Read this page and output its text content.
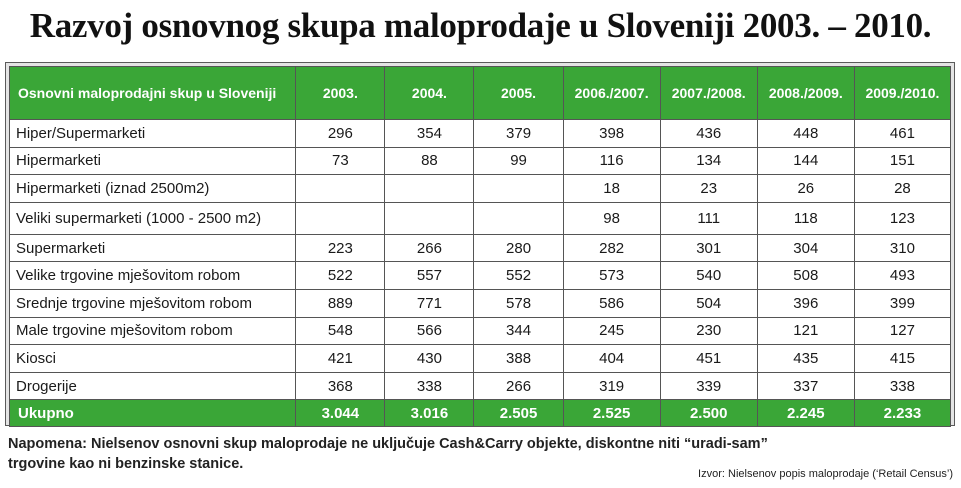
Razvoj osnovnog skupa maloprodaje u Sloveniji 2003. – 2010.
Osnovni maloprodajni skup u Sloveniji	2003.	2004.	2005.	2006./2007.	2007./2008.	2008./2009.	2009./2010.
Hiper/Supermarketi	296	354	379	398	436	448	461
Hipermarketi	73	88	99	116	134	144	151
Hipermarketi (iznad 2500m2)				18	23	26	28
Veliki supermarketi (1000 - 2500 m2)				98	111	118	123
Supermarketi	223	266	280	282	301	304	310
Velike trgovine mješovitom robom	522	557	552	573	540	508	493
Srednje trgovine mješovitom robom	889	771	578	586	504	396	399
Male trgovine mješovitom robom	548	566	344	245	230	121	127
Kiosci	421	430	388	404	451	435	415
Drogerije	368	338	266	319	339	337	338
Ukupno	3.044	3.016	2.505	2.525	2.500	2.245	2.233
Napomena: Nielsenov osnovni skup maloprodaje ne uključuje Cash&Carry objekte, diskontne niti “uradi-sam”
trgovine kao ni benzinske stanice.
Izvor: Nielsenov popis maloprodaje (‘Retail Census’)
